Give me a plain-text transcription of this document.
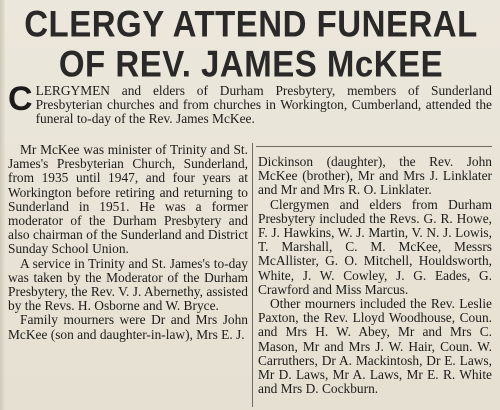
CLERGY ATTEND FUNERAL
OF REV. JAMES McKEE
CLERGYMEN and elders of Durham Presbytery, members of Sunderland Presbyterian churches and from churches in Workington, Cumberland, attended the funeral to-day of the Rev. James McKee.

Mr McKee was minister of Trinity and St. James's Presbyterian Church, Sunderland, from 1935 until 1947, and four years at Workington before retiring and returning to Sunderland in 1951. He was a former moderator of the Durham Presbytery and also chairman of the Sunderland and District Sunday School Union.

A service in Trinity and St. James's to-day was taken by the Moderator of the Durham Presbytery, the Rev. V. J. Abernethy, assisted by the Revs. H. Osborne and W. Bryce.

Family mourners were Dr and Mrs John McKee (son and daughter-in-law), Mrs E. J.

Dickinson (daughter), the Rev. John McKee (brother), Mr and Mrs J. Linklater and Mr and Mrs R. O. Linklater.

Clergymen and elders from Durham Presbytery included the Revs. G. R. Howe, F. J. Hawkins, W. J. Martin, V. N. J. Lowis, T. Marshall, C. M. McKee, Messrs McAllister, G. O. Mitchell, Houldsworth, White, J. W. Cowley, J. G. Eades, G. Crawford and Miss Marcus.

Other mourners included the Rev. Leslie Paxton, the Rev. Lloyd Woodhouse, Coun. and Mrs H. W. Abey, Mr and Mrs C. Mason, Mr and Mrs J. W. Hair, Coun. W. Carruthers, Dr A. Mackintosh, Dr E. Laws, Mr D. Laws, Mr A. Laws, Mr E. R. White and Mrs D. Cockburn.
